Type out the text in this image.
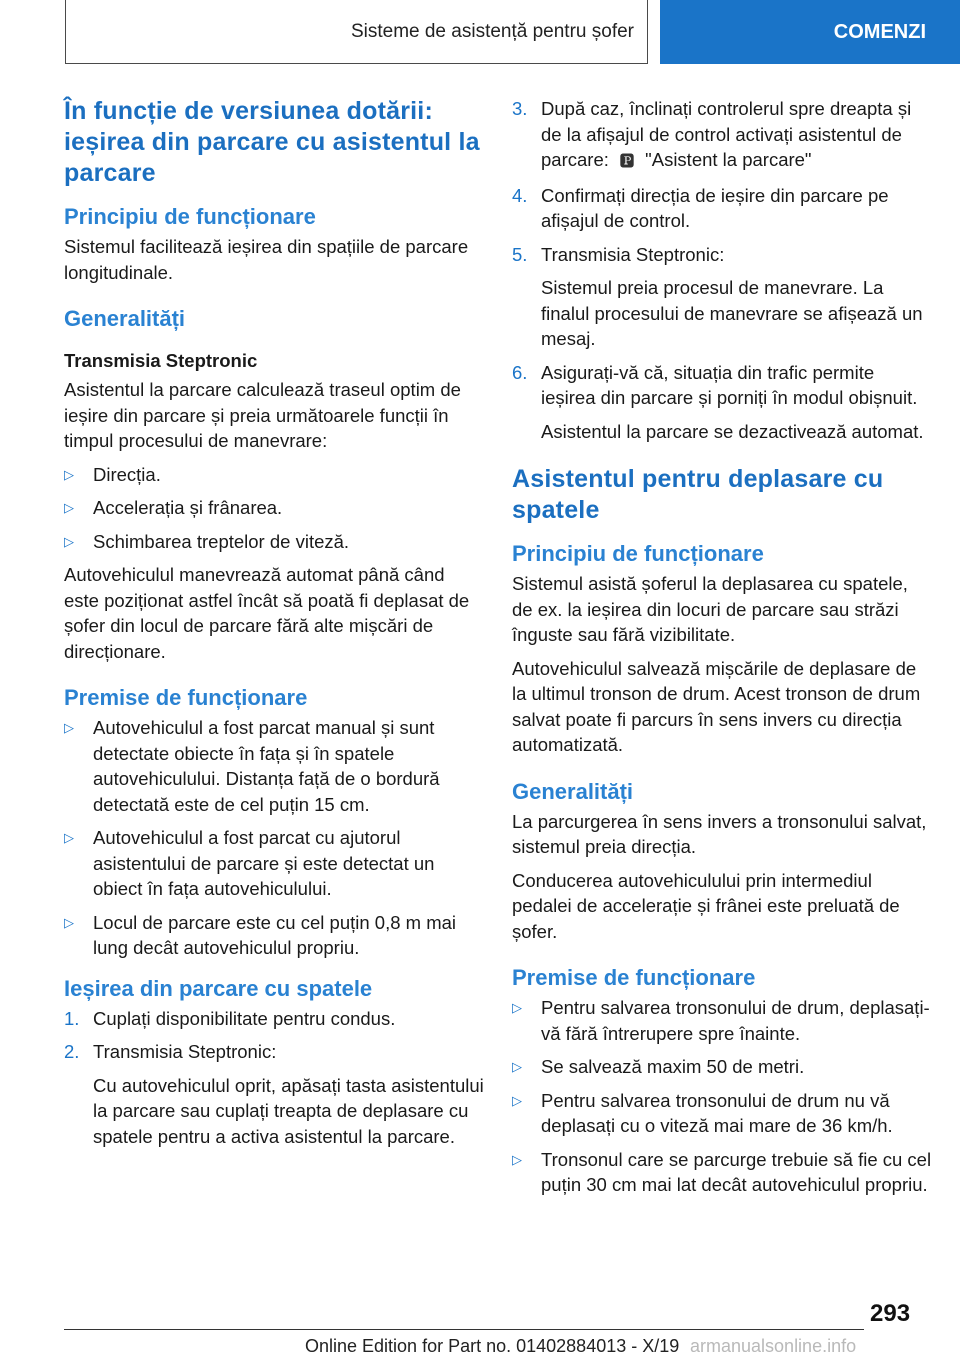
Sisteme de asistență pentru șofer	COMENZI
În funcție de versiunea dotării: ieșirea din parcare cu asistentul la parcare
Principiu de funcționare

Sistemul facilitează ieșirea din spațiile de parcare longitudinale.

Generalități
Transmisia Steptronic

Asistentul la parcare calculează traseul optim de ieșire din parcare și preia următoarele funcții în timpul procesului de manevrare:

▷ Direcția.
▷ Accelerația și frânarea.
▷ Schimbarea treptelor de viteză.

Autovehiculul manevrează automat până când este poziționat astfel încât să poată fi deplasat de șofer din locul de parcare fără alte mișcări de direcționare.

Premise de funcționare
▷ Autovehiculul a fost parcat manual și sunt detectate obiecte în fața și în spatele autovehiculului. Distanța față de o bordură detectată este de cel puțin 15 cm.
▷ Autovehiculul a fost parcat cu ajutorul asistentului de parcare și este detectat un obiect în fața autovehiculului.
▷ Locul de parcare este cu cel puțin 0,8 m mai lung decât autovehiculul propriu.
Ieșirea din parcare cu spatele
1. Cuplați disponibilitate pentru condus.
2. Transmisia Steptronic:

Cu autovehiculul oprit, apăsați tasta asistentului la parcare sau cuplați treapta de deplasare cu spatele pentru a activa asistentul la parcare.

3. După caz, înclinați controlerul spre dreapta și de la afișajul de control activați asistentul de parcare: 🅿︎ "Asistent la parcare"
4. Confirmați direcția de ieșire din parcare pe afișajul de control.
5. Transmisia Steptronic:

Sistemul preia procesul de manevrare. La finalul procesului de manevrare se afișează un mesaj.

6. Asigurați-vă că, situația din trafic permite ieșirea din parcare și porniți în modul obișnuit.

Asistentul la parcare se dezactivează automat.

Asistentul pentru deplasare cu spatele
Principiu de funcționare

Sistemul asistă șoferul la deplasarea cu spatele, de ex. la ieșirea din locuri de parcare sau străzi înguste sau fără vizibilitate.

Autovehiculul salvează mișcările de deplasare de la ultimul tronson de drum. Acest tronson de drum salvat poate fi parcurs în sens invers cu direcția automatizată.

Generalități

La parcurgerea în sens invers a tronsonului salvat, sistemul preia direcția.

Conducerea autovehiculului prin intermediul pedalei de accelerație și frânei este preluată de șofer.

Premise de funcționare
▷ Pentru salvarea tronsonului de drum, deplasați-vă fără întrerupere spre înainte.
▷ Se salvează maxim 50 de metri.
▷ Pentru salvarea tronsonului de drum nu vă deplasați cu o viteză mai mare de 36 km/h.
▷ Tronsonul care se parcurge trebuie să fie cu cel puțin 30 cm mai lat decât autovehiculul propriu.
293
Online Edition for Part no. 01402884013 - X/19 armanualsonline.info
